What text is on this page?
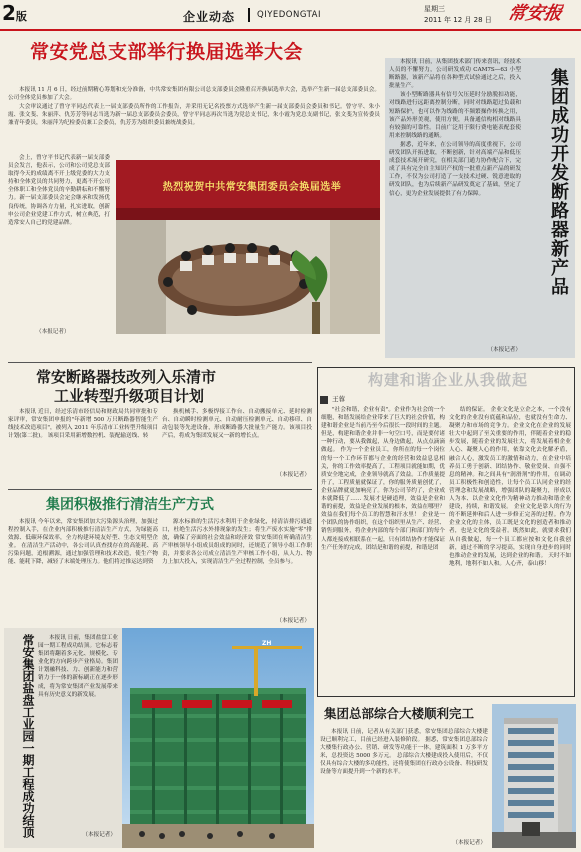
2版	企业动态	QIYEDONGTAI
星期三
2011 年 12 月 28 日 常安报
常安党总支部举行换届选举大会

本报讯 11 月 6 日，经过前期精心筹划和充分准备，中共常安集团有限公司总支部委员会隆重召开换届选举大会，选举产生新一届总支部委员会。公司全体党员参加了大会。

大会审议通过了曾守平同志代表上一届支部委员所作的工作报告，并采用无记名投票方式选举产生新一届支部委员会委员和书记。曾守平、朱小霞、张文斐、朱丽萍、仇芳芳等同志当选为新一届总支部委员会委员，曾守平同志再次当选为党总支书记，朱小霞为党总支副书记，张文斐为宣传委员兼青年委员，朱丽萍为纪检委员兼工会委员，仇芳芳为组织委员兼统战委员。

会上，曾守平书记代表新一届支部委员会发言，他表示，公司和公司党总支部取得今天的成绩离不开上级党委的大力支持和全体党员的共同努力，更离不开公司全体职工和全体党员的辛勤耕耘和不懈努力。新一届支部委员会定会继承和发扬优良传统，协调各方力量，扎实进取，创新申公司企业党建工作方式，树立典范，打造常安人自己的党建品牌。

（本报记者）
热烈祝贺中共常安集团委员会换届选举

本报讯 日前，从集团技术部门传来喜讯，经技术人员的不懈努力，公司研发成功 CAM7S—63 小型断路器，该新产品将在各种型式试验通过之后，投入批量生产。

该小型断路器具有信号欠压延时分励脱扣功能，对线路进行远距离控制分断，同时对线路超过负载和短路保护，也可以作为线路的不频繁操作转换之用，该产品外形美观，使用方便，具备通信构相对线路具有较强的可靠性。目前广泛用于限行费电能表配套使用来控制线路的通断。

据悉，近年来，在公司领导的高度重视下，公司研发团队开拓进取，不断创新，针对高端产品和低压成套技术展开研究，在相关部门通力协作配合下，完成了具有完全自主知识产权的一批重点新产品的研发工作，不仅为公司打造了一支技术过硬、锐意进取的研发团队，也为后续新产品研发奠定了基础，坚定了信心，更为企业发展提供了有力保障。

（本报记者）
集团成功开发断路器新产品
常安断路器技改列入乐清市
工业转型升级项目计划

本报讯 近日，经过乐清市经信局和财政局共同审批和专家评审，常安集团申报的"年新增 500 万只断路器智能生产线技术改造项目"，被列入 2011 年乐清市工业转型升级项目计划(第二批)。 该项目采用新增数控机、装配输送线、转

换机械手、多极焊接工作台、自动搬接单元、延时检测台、自动瞬时检测单元、自动耐压检测单元、自动移印、自动包装等先进设备，形成断路器大批量生产能力。该项目投产后，将成为集团发展又一新的增长点。

（本报记者）
集团积极推行清洁生产方式

本报讯 今年以来，常安集团加大污染源头治理，加强过程控制入手，在企业内部积极推行清洁生产方式，为绿能高效源、低碳环保效率，全力构建环境友好型、生态文明型企业。 在清洁生产活动中，各公司认真查找存在的高能耗、高污染问题，追根溯源，通过加强管理和技术改造，使生产物能、能耗下降，减轻了末端处理压力。他们将过推运达到资

源水标准的生活污水利用于企业绿化，持清洁排污通道口，杜绝生活污水外排现象的发生；将生产废水实施"零"排放，确保了旁面的社会效益和经济效 常安集团在听确清洁生产审核领导小组成员组成的同时，还规范了领导小组工作职责，并要求各公司成立清洁生产审核工作小组，从人力、物力上加大投入，实现清洁生产全过程控制，全员参与。

（本报记者）
构建和谐企业从我做起
王蓉

"社会和谐，企业有责"。企业作为社会的一个细胞，和谐发展给企业带来了巨大的社会价值，构建和谐企业是当前乃至今后很长一段时间的主题。但是，构建和谐企业并非一句空口号，而是要付诸一种行动，要从我做起，从身边做起，从点点滴滴做起。 作为一个企业员工，你所在的每一个岗位的每一个工作环节都与企业的经营和效益息息相关，你的工作效率提高了，工程项目就能如期，优质安全地完成，企业领导就高了效益。工作质量提升了，工程质量就保证了，你的服务质量创优了，企业品牌就更加响亮了。你为公司节约了，企业成本就降低了…… 发展才是硬道理，效益是企业和谐的前提，效益是企业发展的根本，效益在哪里？效益在我们每个员工的智慧和汗水里！ 企业是一个团队的协作组织，在这个组织里从生产、经营、销售到服务，将企业内部的每个部门和部门的每个人都连接成相联系在一起，只有团结协作才能保证生产任务的完成，团结是和谐的前提，和谐是团

结的保证。 企业文化是立企之本，一个没有文化的企业没有底蕴和品位，也就没有生命力、凝聚力和市场的竞争力。企业文化在企业的发展壮大中起到了至关重要的作用，伴随着企业的稳步发展，随着企业的发展壮大，将发展着相企业人心、凝聚人心的作用，依靠文化去化解矛盾，融合人心，激发员工的激情和动力，在企业中培养员工勇于创新、团结协作、敬业爱岗、自强不息的精神。和之间具有"润滑剂"的作用，在调动员工积极性和创造性，让每个员工认同企业的经营理念和发展战略，增强团队的凝聚力，形成以人为本、以企业文化作为精神动力推动和谐企业建设，持续，和谐发展。 企业文化是靠人的行为的不断延伸和后人进一步修正完善的过程。作为企业文化的主体，员工既是文化的创造者和推动者，也是文化的受益者。既然如此，就要求我们从自我做起，每一个员工都应按和文化自我创新，通过不断的学习提高，实现自身进步的同时也推动企业的发展，达到企业的和谐。 天时不如地利，地利不如人和。人心齐，泰山移！

常安集团盐盘工业园一期工程成功结顶	本报讯 日前，集团盐盘工业园一期工程成功结顶。它标志着集团将翻着多元化、规模化、专业化的方向跨步产业格局。集团计划融科技、力、创新能力和营销力于一体的新标刷正在逐步形成，将为常安集团产业发展带来具有历史意义的新发展。

（本报记者）
ZH
集团总部综合大楼顺利完工

本报讯 日前，记者从有关部门获悉，常安集团总部综合大楼建设已顺利完工，目前已经进入装修阶段。 据悉，常安集团总部综合大楼集行政办公、营销、研发等功能于一体，建筑面积 1 万多平方米，总投资达 5000 多万元。 总部综合大楼建成投入使用后，不仅仅具有综合大楼的多功能性，还将使集团在行政办公设备、科技研发设备等方面提升到一个新的水平。

（本报记者）
